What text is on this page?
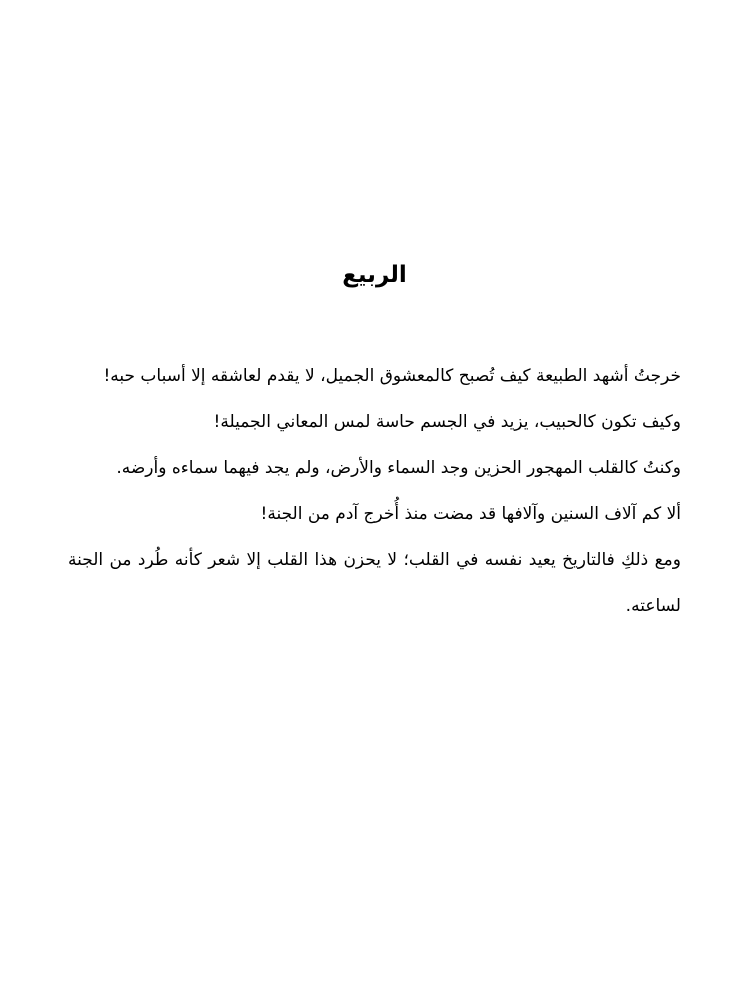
الربيع

خرجتُ أشهد الطبيعة كيف تُصبح كالمعشوق الجميل، لا يقدم لعاشقه إلا أسباب حبه!

وكيف تكون كالحبيب، يزيد في الجسم حاسة لمس المعاني الجميلة!

وكنتُ كالقلب المهجور الحزين وجد السماء والأرض، ولم يجد فيهما سماءه وأرضه.

ألا كم آلاف السنين وآلافها قد مضت منذ أُخرج آدم من الجنة!

ومع ذلكِ فالتاريخ يعيد نفسه في القلب؛ لا يحزن هذا القلب إلا شعر كأنه طُرد من الجنة لساعته.
